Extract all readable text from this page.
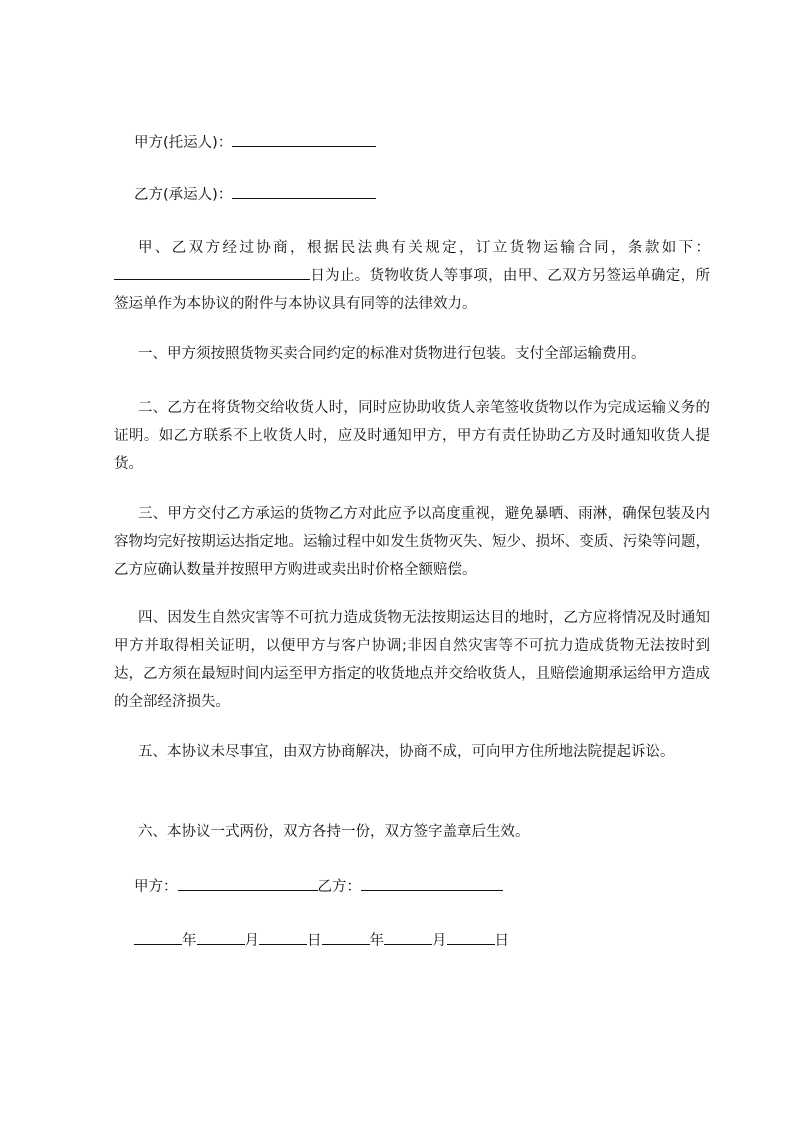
甲方(托运人)：
乙方(承运人)：
甲、乙双方经过协商，根据民法典有关规定，订立货物运输合同，条款如下：日为止。货物收货人等事项，由甲、乙双方另签运单确定，所签运单作为本协议的附件与本协议具有同等的法律效力。
一、甲方须按照货物买卖合同约定的标准对货物进行包装。支付全部运输费用。
二、乙方在将货物交给收货人时，同时应协助收货人亲笔签收货物以作为完成运输义务的证明。如乙方联系不上收货人时，应及时通知甲方，甲方有责任协助乙方及时通知收货人提货。
三、甲方交付乙方承运的货物乙方对此应予以高度重视，避免暴晒、雨淋，确保包装及内容物均完好按期运达指定地。运输过程中如发生货物灭失、短少、损坏、变质、污染等问题，乙方应确认数量并按照甲方购进或卖出时价格全额赔偿。
四、因发生自然灾害等不可抗力造成货物无法按期运达目的地时，乙方应将情况及时通知甲方并取得相关证明，以便甲方与客户协调;非因自然灾害等不可抗力造成货物无法按时到达，乙方须在最短时间内运至甲方指定的收货地点并交给收货人，且赔偿逾期承运给甲方造成的全部经济损失。
五、本协议未尽事宜，由双方协商解决，协商不成，可向甲方住所地法院提起诉讼。
六、本协议一式两份，双方各持一份，双方签字盖章后生效。
甲方：	乙方：
年	月	日	年	月	日
